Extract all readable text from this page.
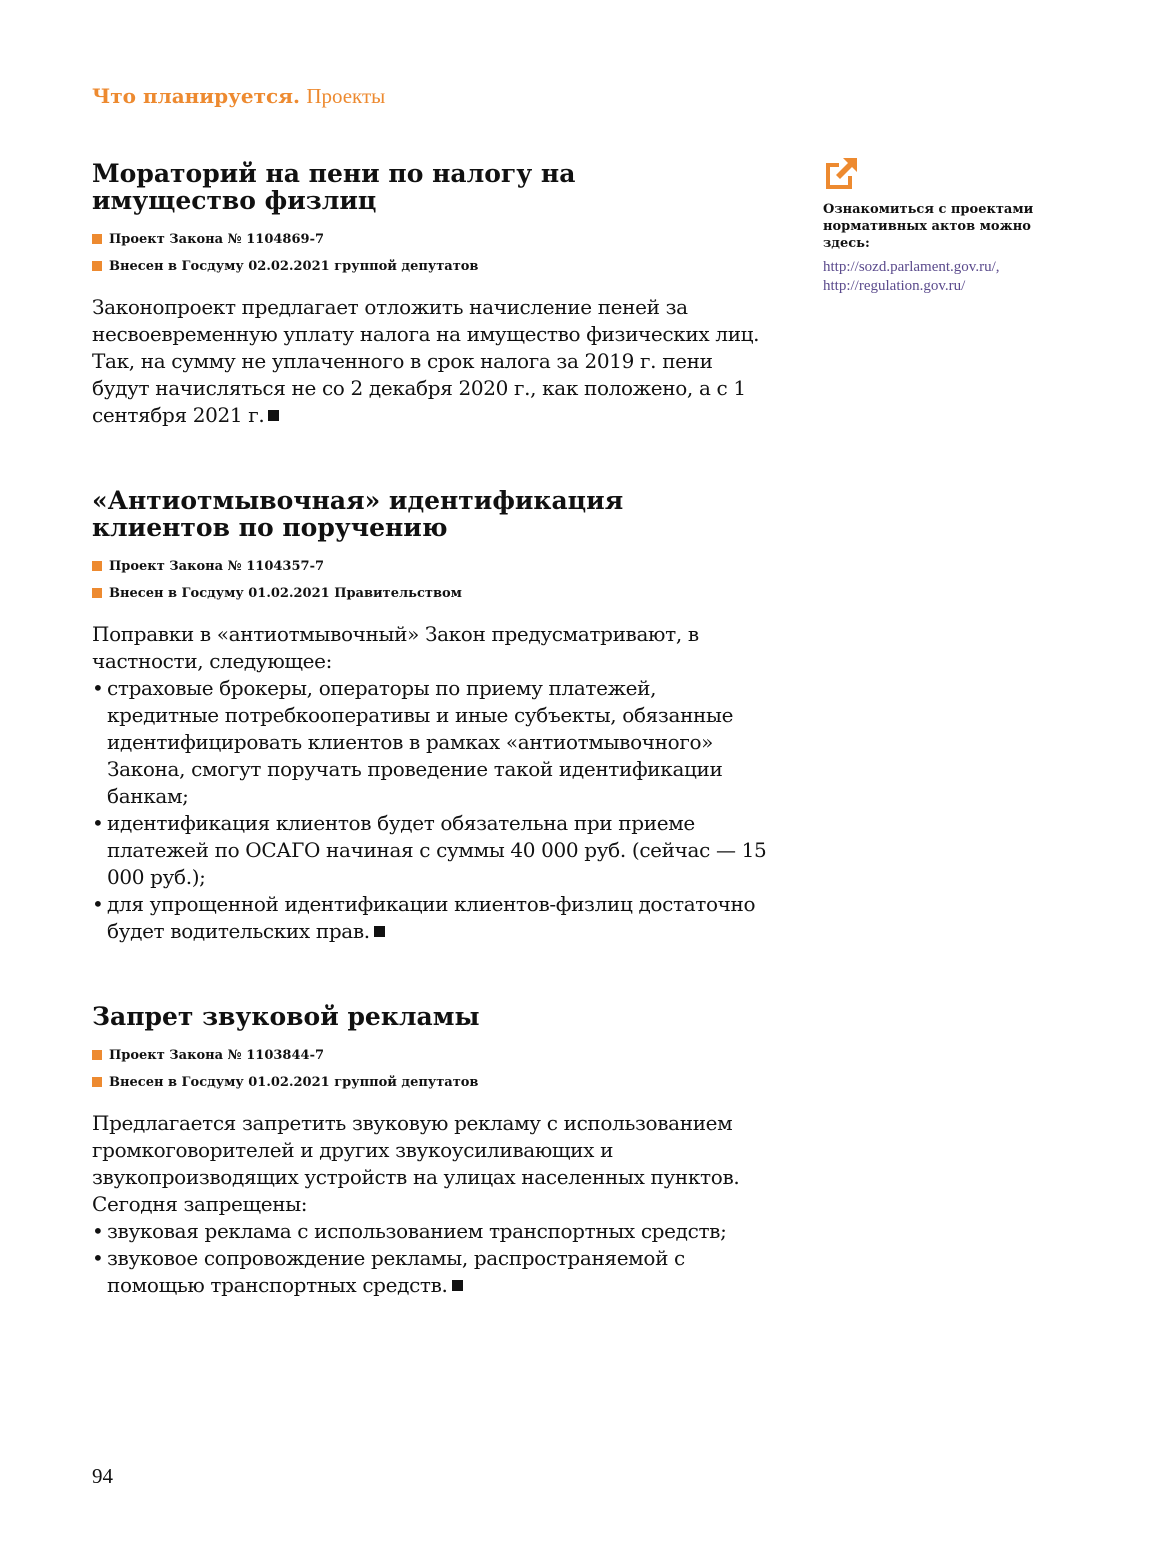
Что планируется. Проекты
Мораторий на пени по налогу на имущество физлиц
Проект Закона № 1104869-7
Внесен в Госдуму 02.02.2021 группой депутатов

Законопроект предлагает отложить начисление пеней за несвоевременную уплату налога на имущество физических лиц. Так, на сумму не уплаченного в срок налога за 2019 г. пени будут начисляться не со 2 декабря 2020 г., как положено, а с 1 сентября 2021 г.

«Антиотмывочная» идентификация клиентов по поручению
Проект Закона № 1104357-7
Внесен в Госдуму 01.02.2021 Правительством

Поправки в «антиотмывочный» Закон предусматривают, в частности, следующее:

• страховые брокеры, операторы по приему платежей, кредитные потребкооперативы и иные субъекты, обязанные идентифицировать клиентов в рамках «антиотмывочного» Закона, смогут поручать проведение такой идентификации банкам;
• идентификация клиентов будет обязательна при приеме платежей по ОСАГО начиная с суммы 40 000 руб. (сейчас — 15 000 руб.);
• для упрощенной идентификации клиентов-физлиц достаточно будет водительских прав.
Запрет звуковой рекламы
Проект Закона № 1103844-7
Внесен в Госдуму 01.02.2021 группой депутатов

Предлагается запретить звуковую рекламу с использованием громкоговорителей и других звукоусиливающих и звукопроизводящих устройств на улицах населенных пунктов. Сегодня запрещены:

• звуковая реклама с использованием транспортных средств;
• звуковое сопровождение рекламы, распространяемой с помощью транспортных средств.

Ознакомиться с проектами нормативных актов можно здесь:

http://sozd.parlament.gov.ru/,
http://regulation.gov.ru/
94
